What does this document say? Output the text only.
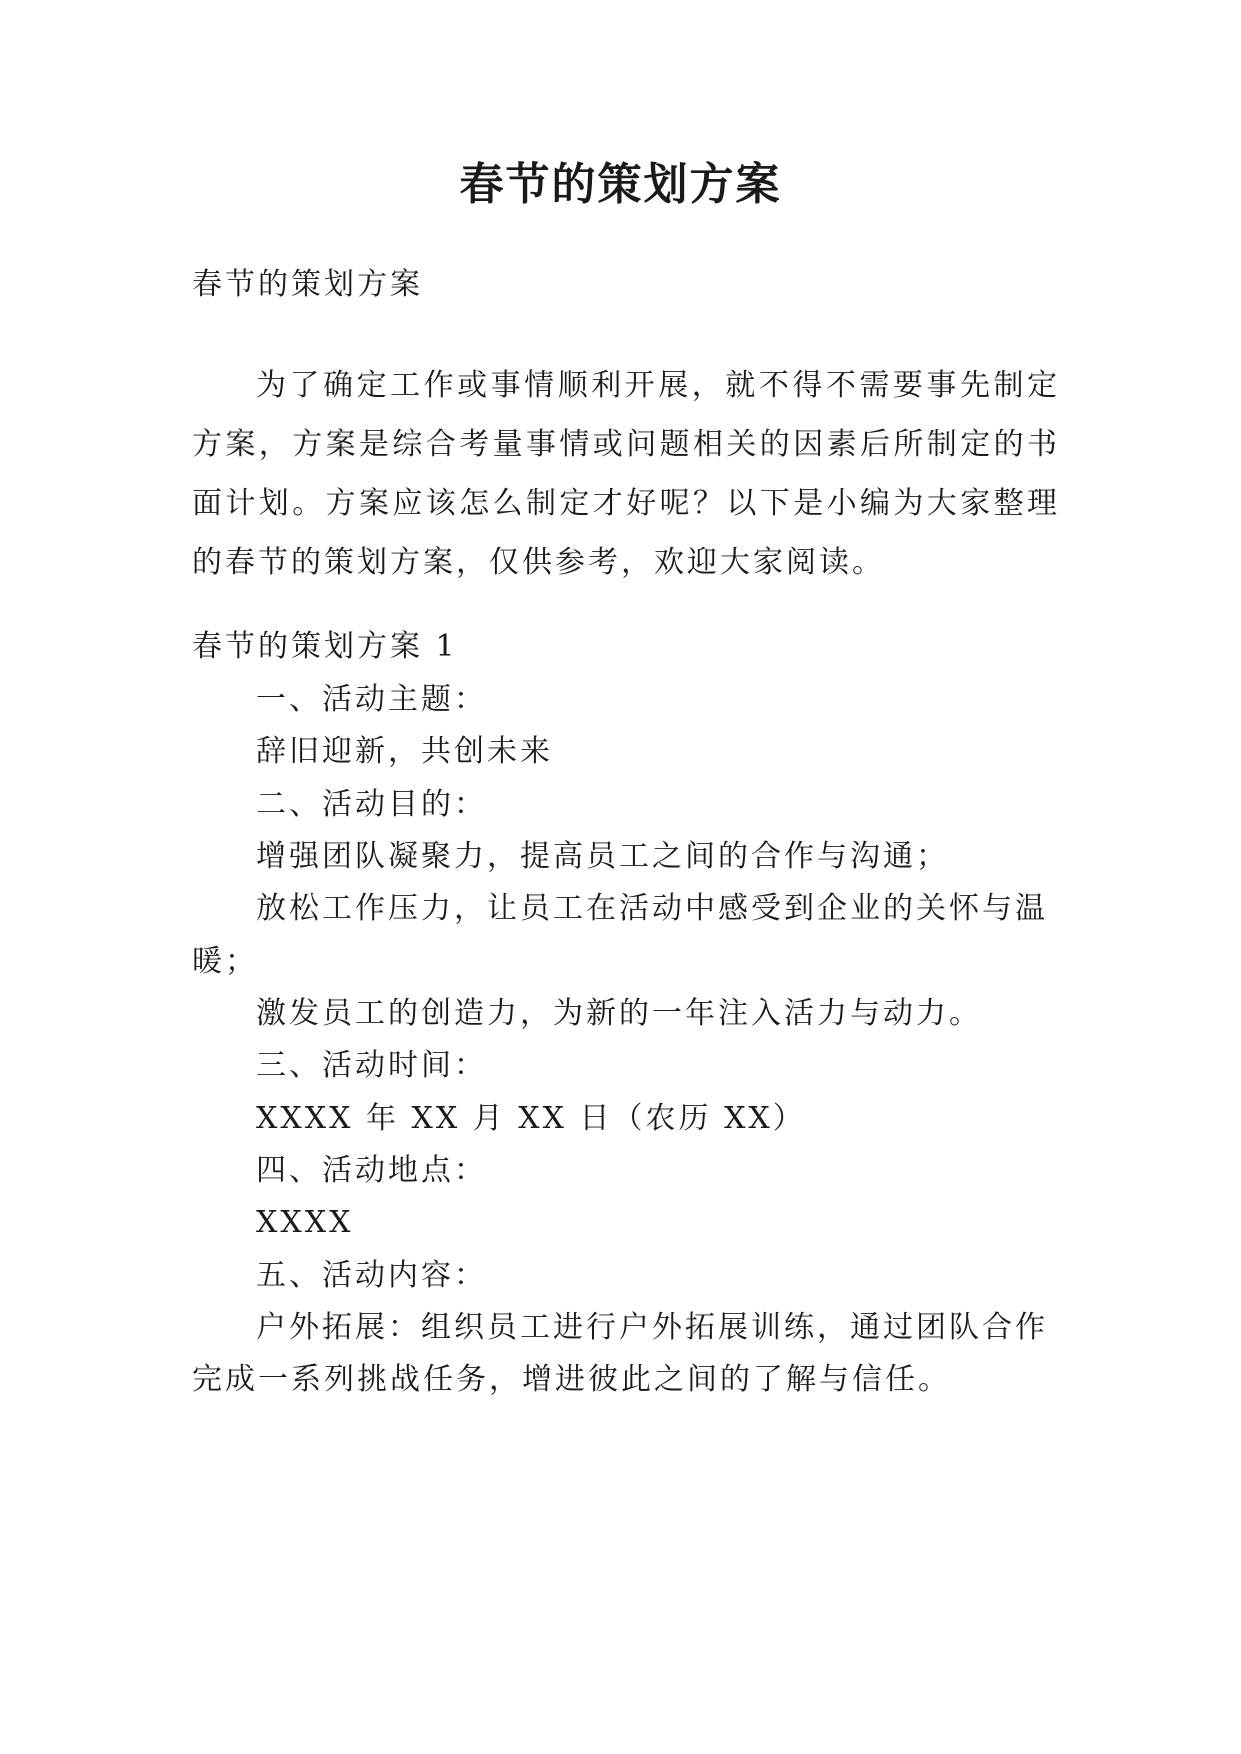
春节的策划方案

春节的策划方案

为了确定工作或事情顺利开展，就不得不需要事先制定方案，方案是综合考量事情或问题相关的因素后所制定的书面计划。方案应该怎么制定才好呢？以下是小编为大家整理的春节的策划方案，仅供参考，欢迎大家阅读。

春节的策划方案 1

一、活动主题：

辞旧迎新，共创未来

二、活动目的：

增强团队凝聚力，提高员工之间的合作与沟通；

放松工作压力，让员工在活动中感受到企业的关怀与温

暖；

激发员工的创造力，为新的一年注入活力与动力。

三、活动时间：

XXXX 年 XX 月 XX 日（农历 XX）

四、活动地点：

XXXX

五、活动内容：

户外拓展：组织员工进行户外拓展训练，通过团队合作

完成一系列挑战任务，增进彼此之间的了解与信任。
